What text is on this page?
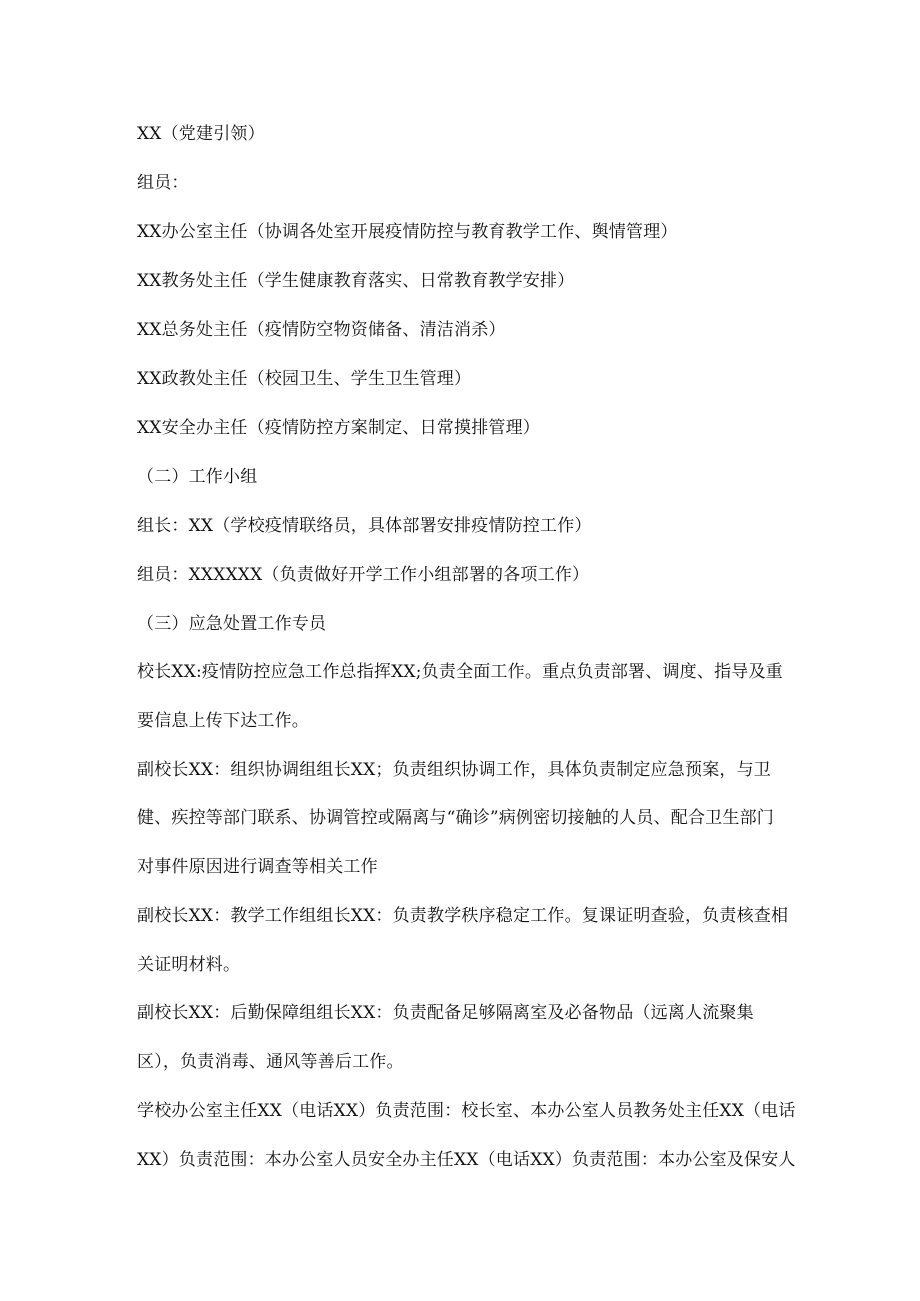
XX（党建引领）
组员：
XX办公室主任（协调各处室开展疫情防控与教育教学工作、舆情管理）
XX教务处主任（学生健康教育落实、日常教育教学安排）
XX总务处主任（疫情防空物资储备、清洁消杀）
XX政教处主任（校园卫生、学生卫生管理）
XX安全办主任（疫情防控方案制定、日常摸排管理）
（二）工作小组
组长：XX（学校疫情联络员，具体部署安排疫情防控工作）
组员：XXXXXX（负责做好开学工作小组部署的各项工作）
（三）应急处置工作专员
校长XX:疫情防控应急工作总指挥XX;负责全面工作。重点负责部署、调度、指导及重
要信息上传下达工作。
副校长XX：组织协调组组长XX；负责组织协调工作，具体负责制定应急预案，与卫
健、疾控等部门联系、协调管控或隔离与“确诊”病例密切接触的人员、配合卫生部门
对事件原因进行调查等相关工作
副校长XX：教学工作组组长XX：负责教学秩序稳定工作。复课证明查验，负责核查相
关证明材料。
副校长XX：后勤保障组组长XX：负责配备足够隔离室及必备物品（远离人流聚集
区），负责消毒、通风等善后工作。
学校办公室主任XX（电话XX）负责范围：校长室、本办公室人员教务处主任XX（电话
XX）负责范围：本办公室人员安全办主任XX（电话XX）负责范围：本办公室及保安人
